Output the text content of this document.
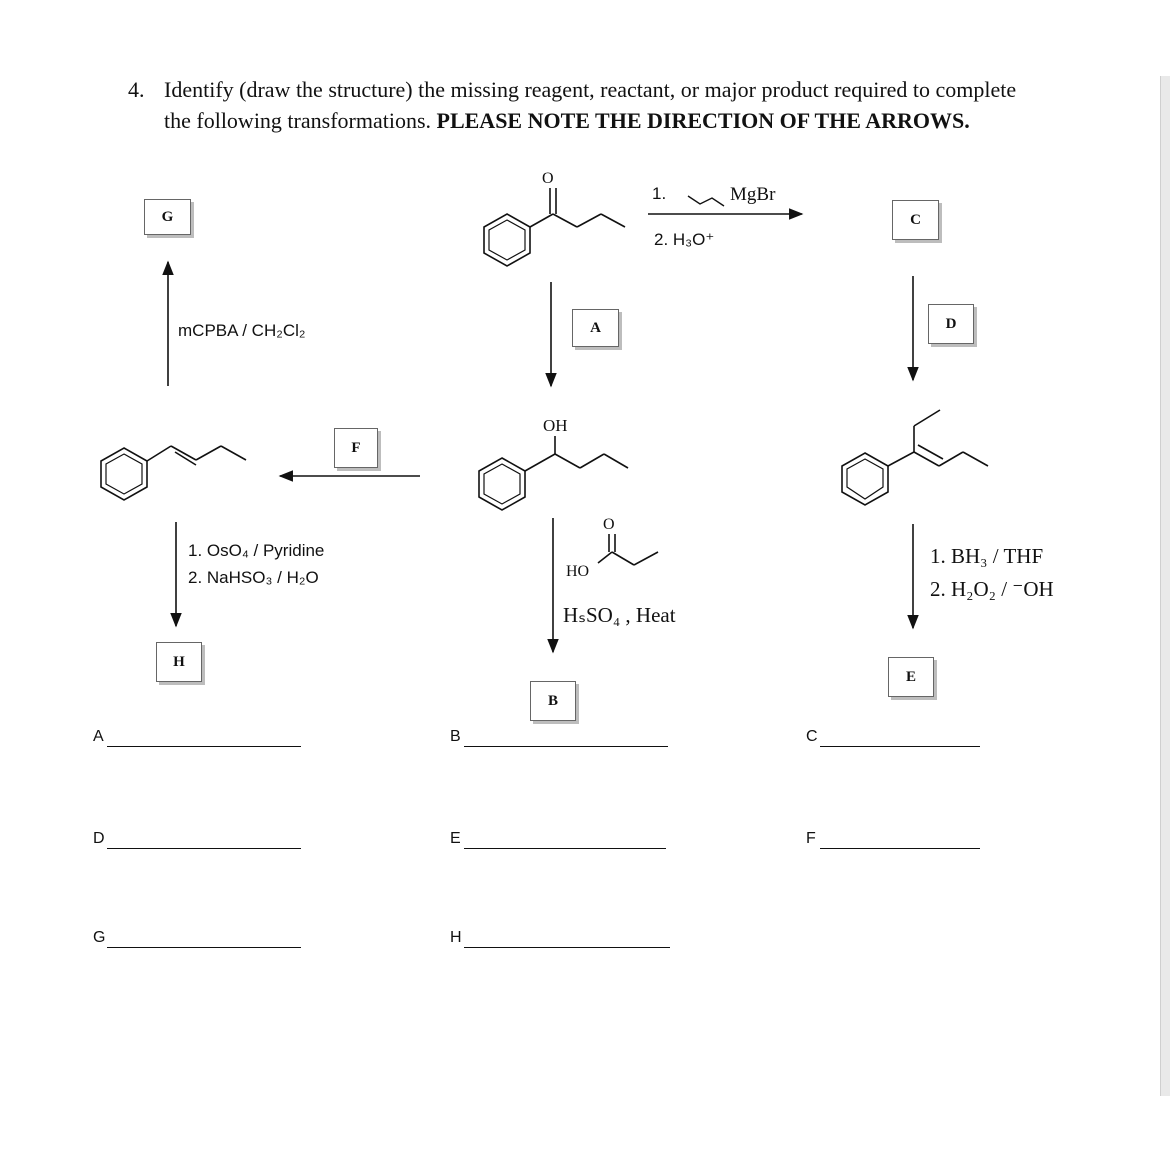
4. Identify (draw the structure) the missing reagent, reactant, or major product required to complete the following transformations. PLEASE NOTE THE DIRECTION OF THE ARROWS.
G
A
C
D
F
H
B
E
O
OH
O
HO
1.	MgBr
2. H₃O⁺
mCPBA / CH₂Cl₂
1. OsO₄ / Pyridine
2. NaHSO₃ / H₂O
HₛSO₄ , Heat
1. BH₃ / THF
2. H₂O₂ / ⁻OH
A	B	C
D	E	F
G	H
